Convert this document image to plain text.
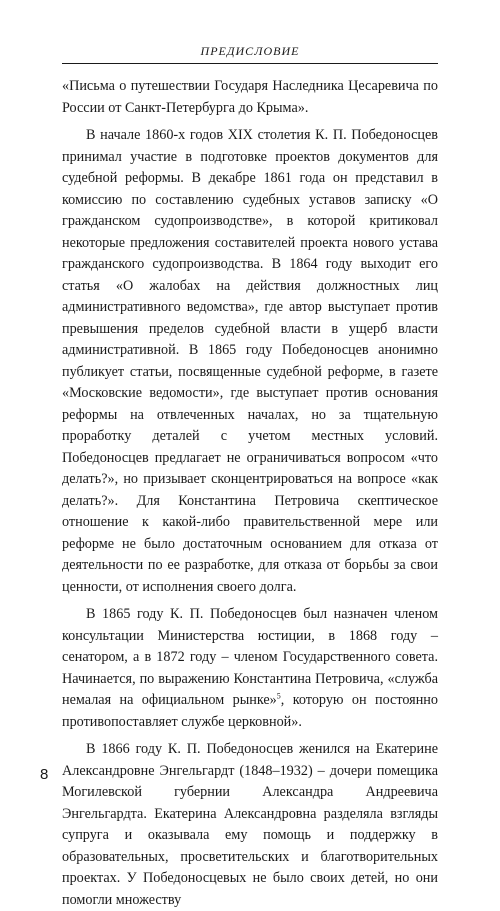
ПРЕДИСЛОВИЕ

«Письма о путешествии Государя Наследника Цесаревича по России от Санкт-Петербурга до Крыма».

В начале 1860-х годов XIX столетия К. П. Победоносцев принимал участие в подготовке проектов документов для судебной реформы. В декабре 1861 года он представил в комиссию по составлению судебных уставов записку «О гражданском судопроизводстве», в которой критиковал некоторые предложения составителей проекта нового устава гражданского судопроизводства. В 1864 году выходит его статья «О жалобах на действия должностных лиц административного ведомства», где автор выступает против превышения пределов судебной власти в ущерб власти административной. В 1865 году Победоносцев анонимно публикует статьи, посвященные судебной реформе, в газете «Московские ведомости», где выступает против основания реформы на отвлеченных началах, но за тщательную проработку деталей с учетом местных условий. Победоносцев предлагает не ограничиваться вопросом «что делать?», но призывает сконцентрироваться на вопросе «как делать?». Для Константина Петровича скептическое отношение к какой-либо правительственной мере или реформе не было достаточным основанием для отказа от деятельности по ее разработке, для отказа от борьбы за свои ценности, от исполнения своего долга.

В 1865 году К. П. Победоносцев был назначен членом консультации Министерства юстиции, в 1868 году – сенатором, а в 1872 году – членом Государственного совета. Начинается, по выражению Константина Петровича, «служба немалая на официальном рынке»$^5$, которую он постоянно противопоставляет службе церковной».

В 1866 году К. П. Победоносцев женился на Екатерине Александровне Энгельгардт (1848–1932) – дочери помещика Могилевской губернии Александра Андреевича Энгельгардта. Екатерина Александровна разделяла взгляды супруга и оказывала ему помощь и поддержку в образовательных, просветительских и благотворительных проектах. У Победоносцевых не было своих детей, но они помогли множеству

8
